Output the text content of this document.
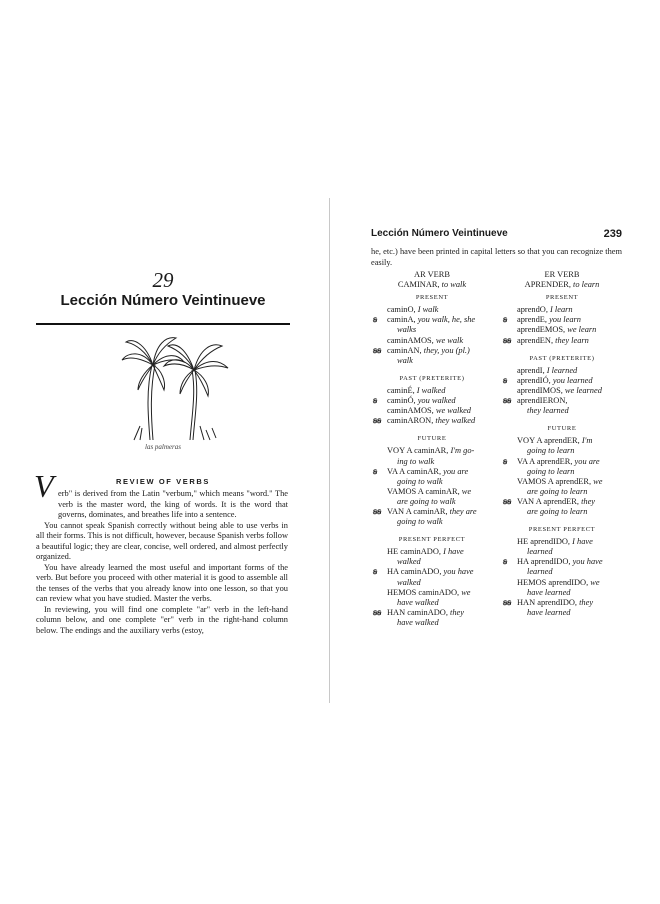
29
Lección Número Veintinueve
las palmeras
V	REVIEW OF VERBS

erb" is derived from the Latin "verbum," which means "word." The verb is the master word, the king of words. It is the word that governs, dominates, and breathes life into a sentence.

You cannot speak Spanish correctly without being able to use verbs in all their forms. This is not difficult, however, because Spanish verbs follow a beautiful logic; they are clear, concise, well ordered, and almost perfectly organized.

You have already learned the most useful and important forms of the verb. But before you proceed with other material it is good to assemble all the tenses of the verbs that you already know into one lesson, so that you can review what you have studied. Master the verbs.

In reviewing, you will find one complete "ar" verb in the left-hand column below, and one complete "er" verb in the right-hand column below. The endings and the auxiliary verbs (estoy,

Lección Número Veintinueve	239
he, etc.) have been printed in capital letters so that you can recognize them easily.
AR VERB
CAMINAR, to walk
PRESENT
caminO, I walk
ꞩ caminA, you walk, he, she
walks
caminAMOS, we walk
ꞩꞩ caminAN, they, you (pl.)
walk
PAST (PRETERITE)
caminÉ, I walked
ꞩ caminÓ, you walked
caminAMOS, we walked
ꞩꞩ caminARON, they walked
FUTURE
VOY A caminAR, I'm go-
ing to walk
ꞩ VA A caminAR, you are
going to walk
VAMOS A caminAR, we
are going to walk
ꞩꞩ VAN A caminAR, they are
going to walk
PRESENT PERFECT
HE caminADO, I have
walked
ꞩ HA caminADO, you have
walked
HEMOS caminADO, we
have walked
ꞩꞩ HAN caminADO, they
have walked
ER VERB
APRENDER, to learn
PRESENT
aprendO, I learn
ꞩ aprendE, you learn
aprendEMOS, we learn
ꞩꞩ aprendEN, they learn
PAST (PRETERITE)
aprendI, I learned
ꞩ aprendIÓ, you learned
aprendIMOS, we learned
ꞩꞩ aprendIERON,
they learned
FUTURE
VOY A aprendER, I'm
going to learn
ꞩ VA A aprendER, you are
going to learn
VAMOS A aprendER, we
are going to learn
ꞩꞩ VAN A aprendER, they
are going to learn
PRESENT PERFECT
HE aprendIDO, I have
learned
ꞩ HA aprendIDO, you have
learned
HEMOS aprendIDO, we
have learned
ꞩꞩ HAN aprendIDO, they
have learned
